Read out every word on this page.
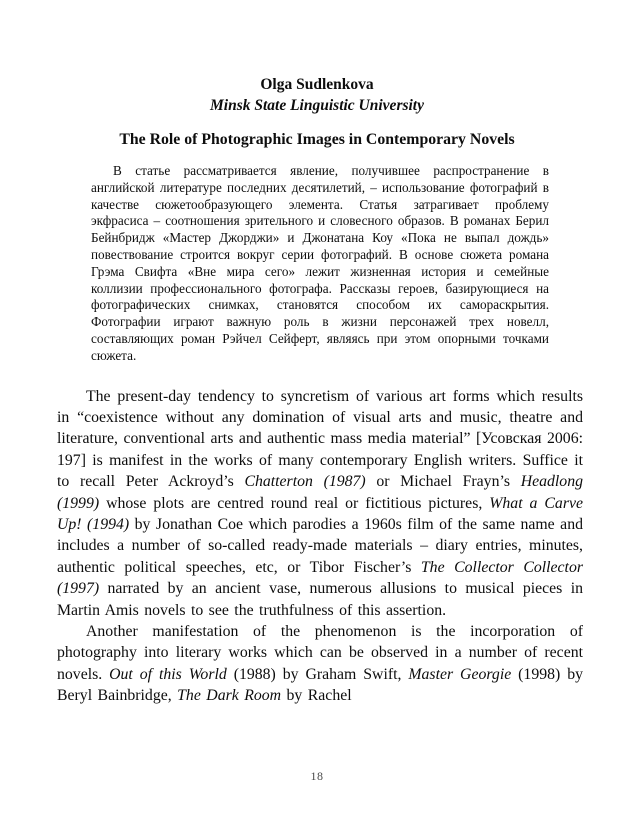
Olga Sudlenkova
Minsk State Linguistic University
The Role of Photographic Images in Contemporary Novels

В статье рассматривается явление, получившее распространение в английской литературе последних десятилетий, – использование фотографий в качестве сюжетообразующего элемента. Статья затрагивает проблему экфрасиса – соотношения зрительного и словесного образов. В романах Берил Бейнбридж «Мастер Джорджи» и Джонатана Коу «Пока не выпал дождь» повествование строится вокруг серии фотографий. В основе сюжета романа Грэма Свифта «Вне мира сего» лежит жизненная история и семейные коллизии профессионального фотографа. Рассказы героев, базирующиеся на фотографических снимках, становятся способом их самораскрытия. Фотографии играют важную роль в жизни персонажей трех новелл, составляющих роман Рэйчел Сейферт, являясь при этом опорными точками сюжета.

The present-day tendency to syncretism of various art forms which results in “coexistence without any domination of visual arts and music, theatre and literature, conventional arts and authentic mass media material” [Усовская 2006: 197] is manifest in the works of many contemporary English writers. Suffice it to recall Peter Ackroyd’s Chatterton (1987) or Michael Frayn’s Headlong (1999) whose plots are centred round real or fictitious pictures, What a Carve Up! (1994) by Jonathan Coe which parodies a 1960s film of the same name and includes a number of so-called ready-made materials – diary entries, minutes, authentic political speeches, etc, or Tibor Fischer’s The Collector Collector (1997) narrated by an ancient vase, numerous allusions to musical pieces in Martin Amis novels to see the truthfulness of this assertion.

Another manifestation of the phenomenon is the incorporation of photography into literary works which can be observed in a number of recent novels. Out of this World (1988) by Graham Swift, Master Georgie (1998) by Beryl Bainbridge, The Dark Room by Rachel

18
